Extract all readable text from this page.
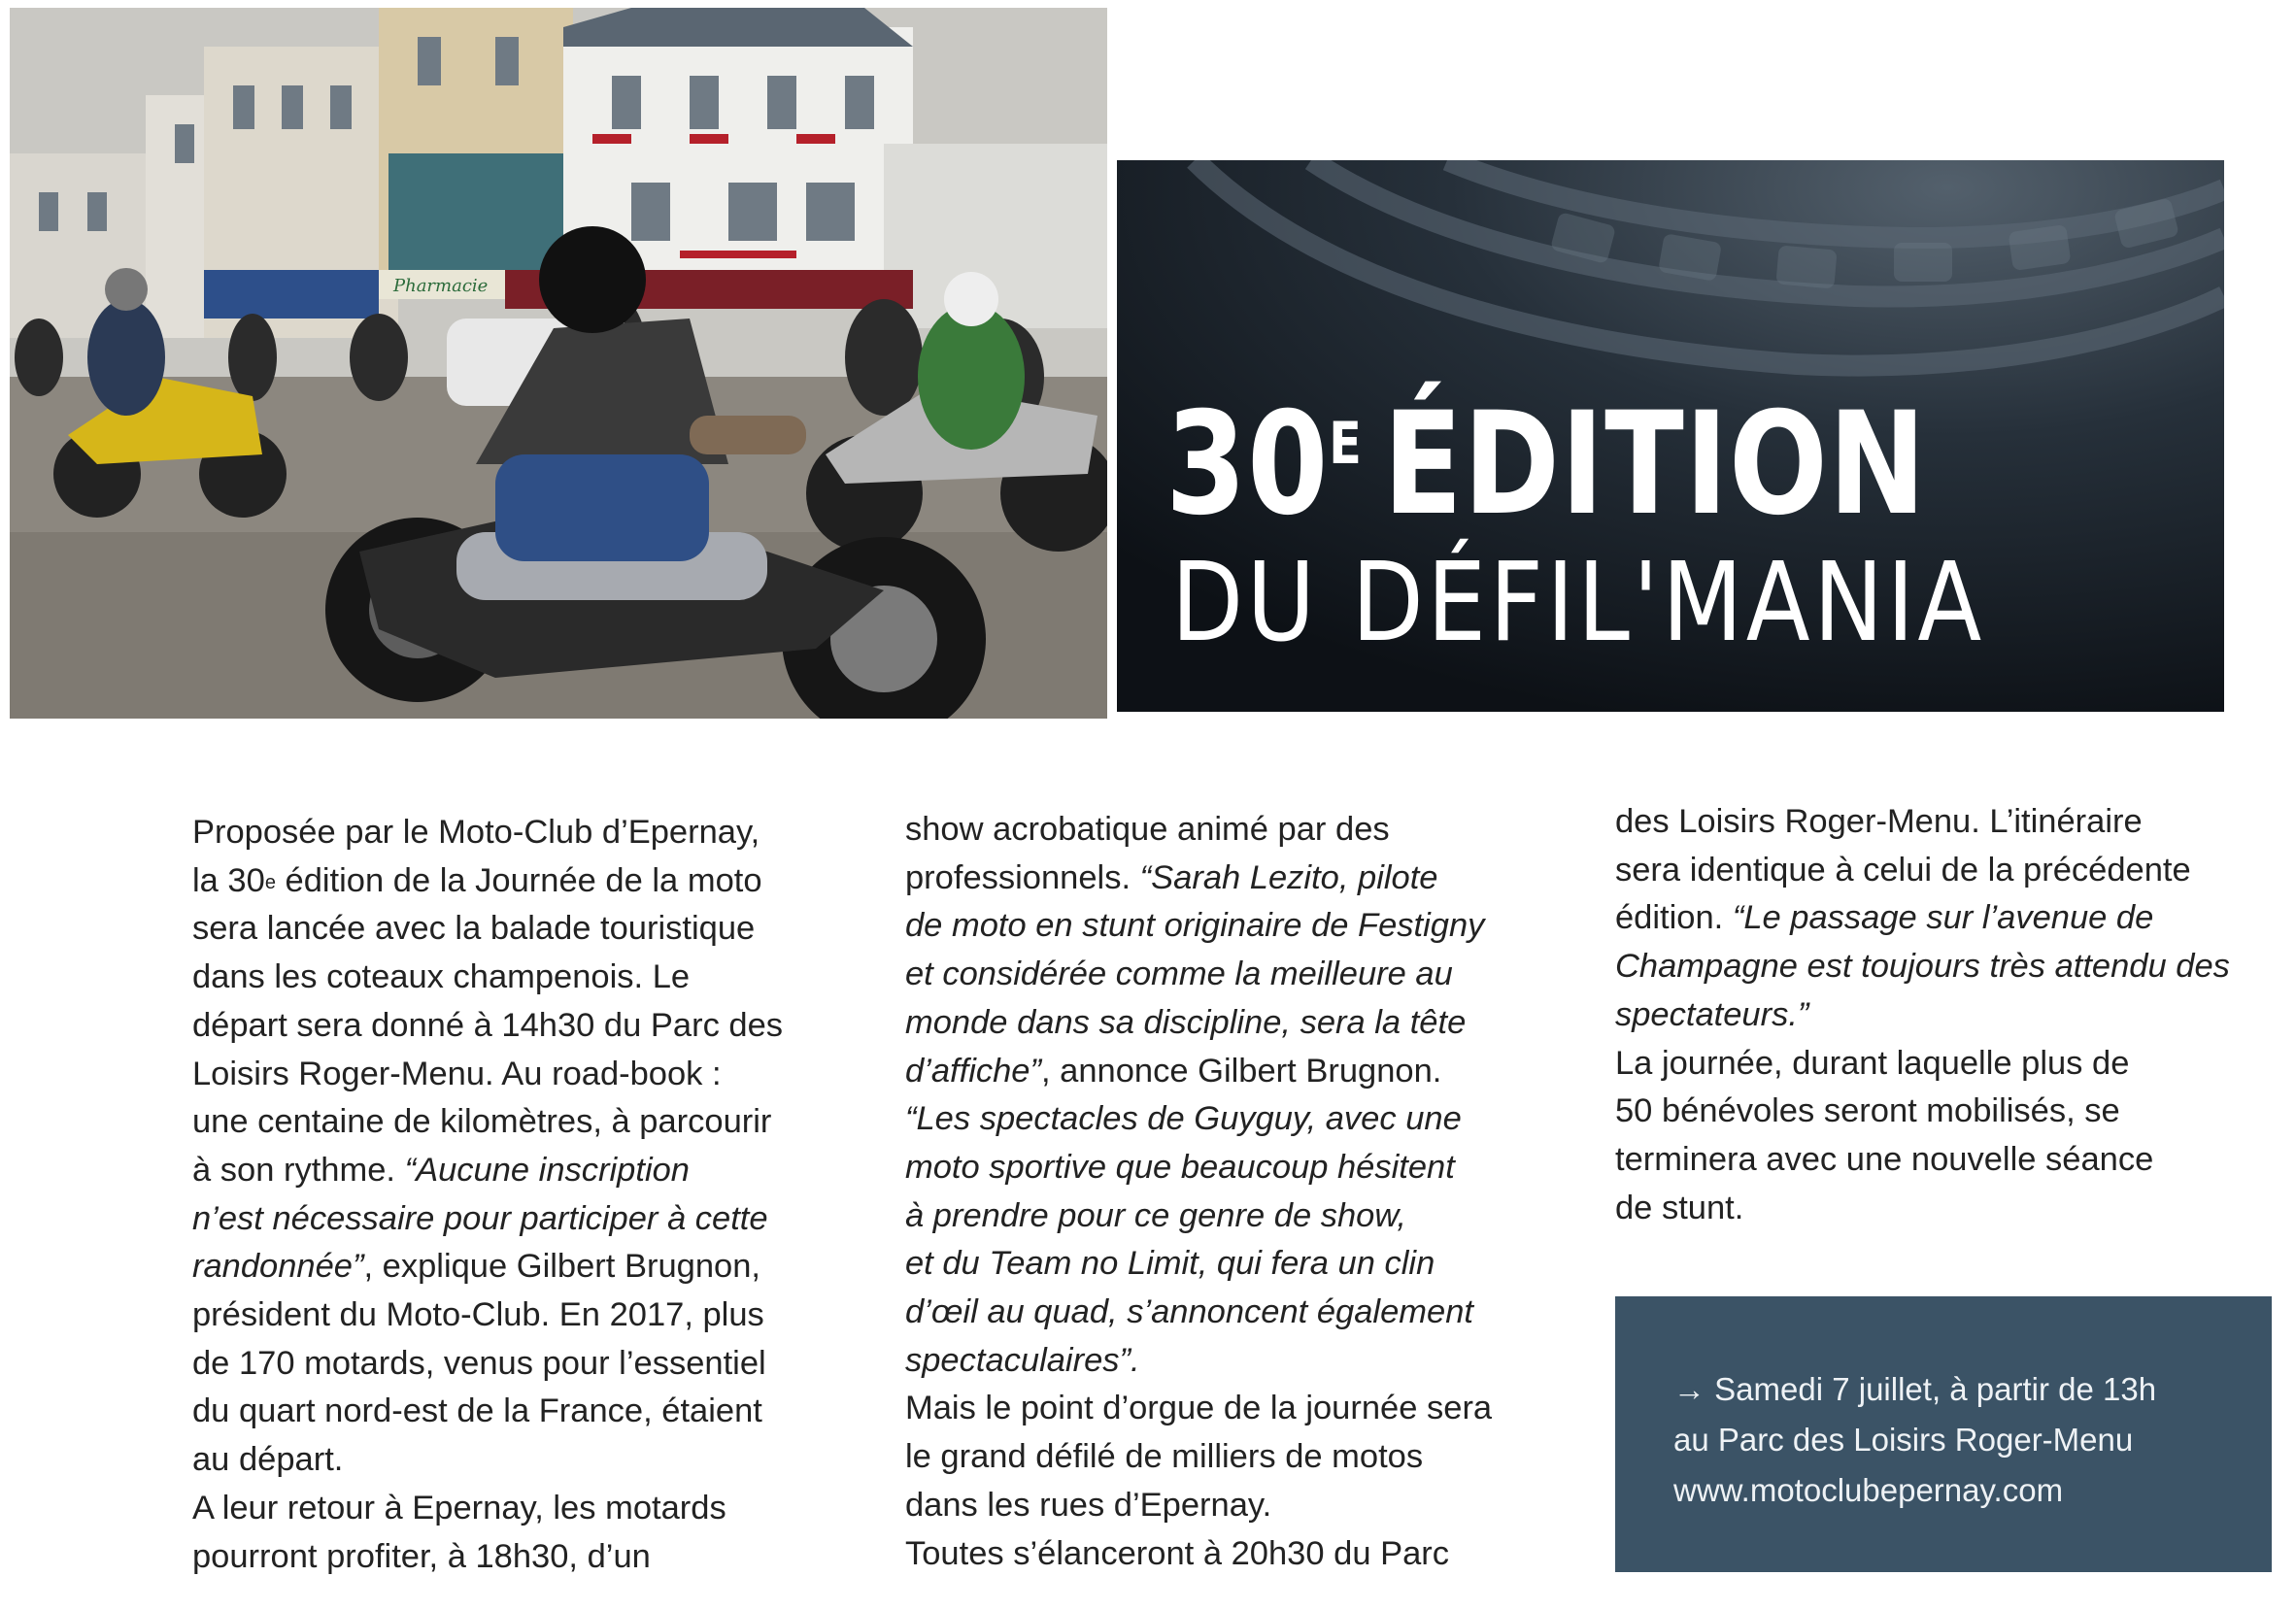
Pharmacie
$30^E$ ÉDITION
DU DÉFIL'MANIA

Proposée par le Moto-Club d’Epernay,

la 30e édition de la Journée de la moto

sera lancée avec la balade touristique

dans les coteaux champenois. Le

départ sera donné à 14h30 du Parc des

Loisirs Roger-Menu. Au road-book :

une centaine de kilomètres, à parcourir

à son rythme. “Aucune inscription

n’est nécessaire pour participer à cette

randonnée”, explique Gilbert Brugnon,

président du Moto-Club. En 2017, plus

de 170 motards, venus pour l’essentiel

du quart nord-est de la France, étaient

au départ.

A leur retour à Epernay, les motards

pourront profiter, à 18h30, d’un

show acrobatique animé par des

professionnels. “Sarah Lezito, pilote

de moto en stunt originaire de Festigny

et considérée comme la meilleure au

monde dans sa discipline, sera la tête

d’affiche”, annonce Gilbert Brugnon.

“Les spectacles de Guyguy, avec une

moto sportive que beaucoup hésitent

à prendre pour ce genre de show,

et du Team no Limit, qui fera un clin

d’œil au quad, s’annoncent également

spectaculaires”.

Mais le point d’orgue de la journée sera

le grand défilé de milliers de motos

dans les rues d’Epernay.

Toutes s’élanceront à 20h30 du Parc

des Loisirs Roger-Menu. L’itinéraire

sera identique à celui de la précédente

édition. “Le passage sur l’avenue de

Champagne est toujours très attendu des

spectateurs.”

La journée, durant laquelle plus de

50 bénévoles seront mobilisés, se

terminera avec une nouvelle séance

de stunt.

→ Samedi 7 juillet, à partir de 13h
au Parc des Loisirs Roger-Menu
www.motoclubepernay.com
